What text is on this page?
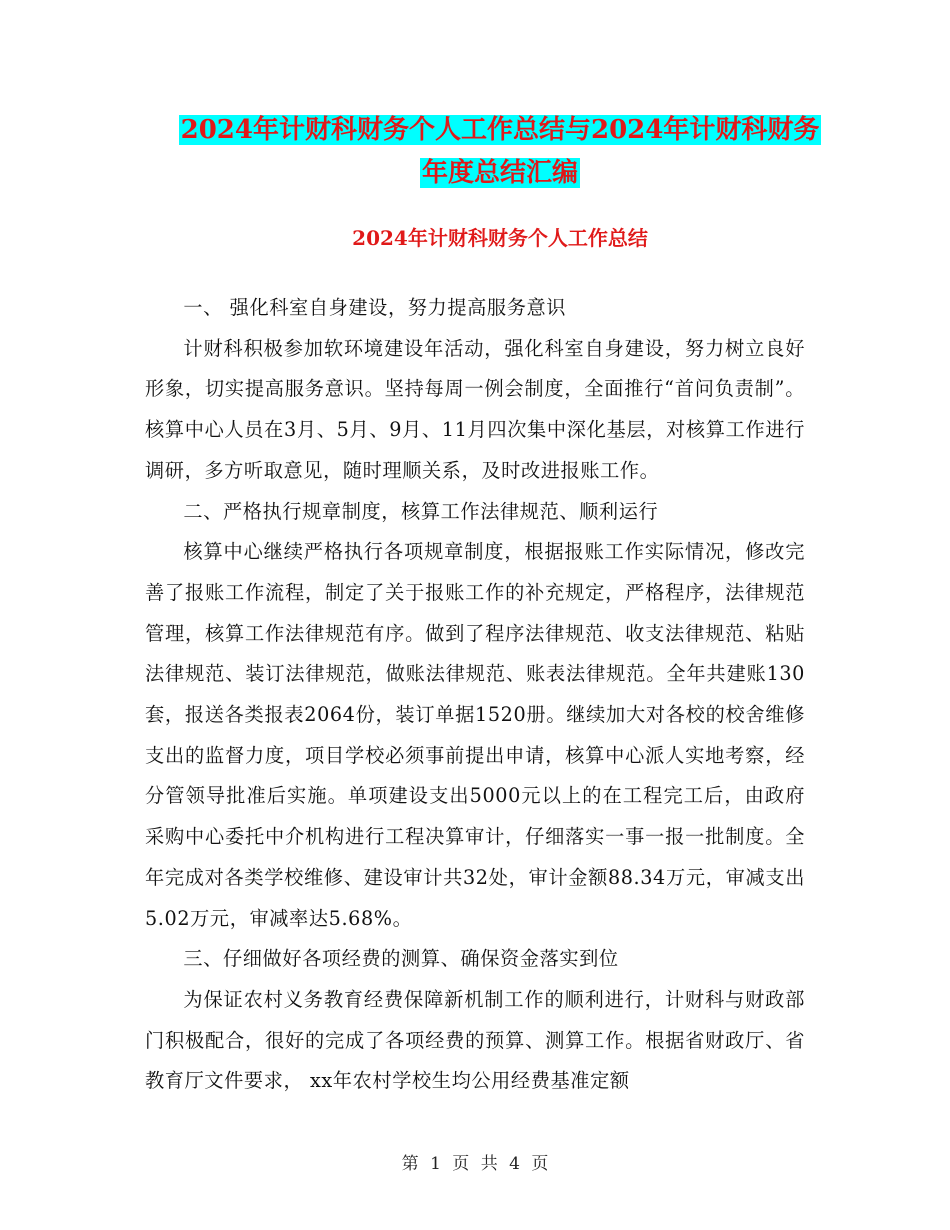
2024年计财科财务个人工作总结与2024年计财科财务
年度总结汇编
2024年计财科财务个人工作总结

一、 强化科室自身建设，努力提高服务意识

计财科积极参加软环境建设年活动，强化科室自身建设，努力树立良好形象，切实提高服务意识。坚持每周一例会制度，全面推行“首问负责制”。核算中心人员在3月、5月、9月、11月四次集中深化基层，对核算工作进行调研，多方听取意见，随时理顺关系，及时改进报账工作。

二、严格执行规章制度，核算工作法律规范、顺利运行

核算中心继续严格执行各项规章制度，根据报账工作实际情况，修改完善了报账工作流程，制定了关于报账工作的补充规定，严格程序，法律规范管理，核算工作法律规范有序。做到了程序法律规范、收支法律规范、粘贴法律规范、装订法律规范，做账法律规范、账表法律规范。全年共建账130套，报送各类报表2064份，装订单据1520册。继续加大对各校的校舍维修支出的监督力度，项目学校必须事前提出申请，核算中心派人实地考察，经分管领导批准后实施。单项建设支出5000元以上的在工程完工后，由政府采购中心委托中介机构进行工程决算审计，仔细落实一事一报一批制度。全年完成对各类学校维修、建设审计共32处，审计金额88.34万元，审减支出5.02万元，审减率达5.68%。

三、仔细做好各项经费的测算、确保资金落实到位

为保证农村义务教育经费保障新机制工作的顺利进行，计财科与财政部门积极配合，很好的完成了各项经费的预算、测算工作。根据省财政厅、省教育厅文件要求， xx年农村学校生均公用经费基准定额

第 1 页 共 4 页
